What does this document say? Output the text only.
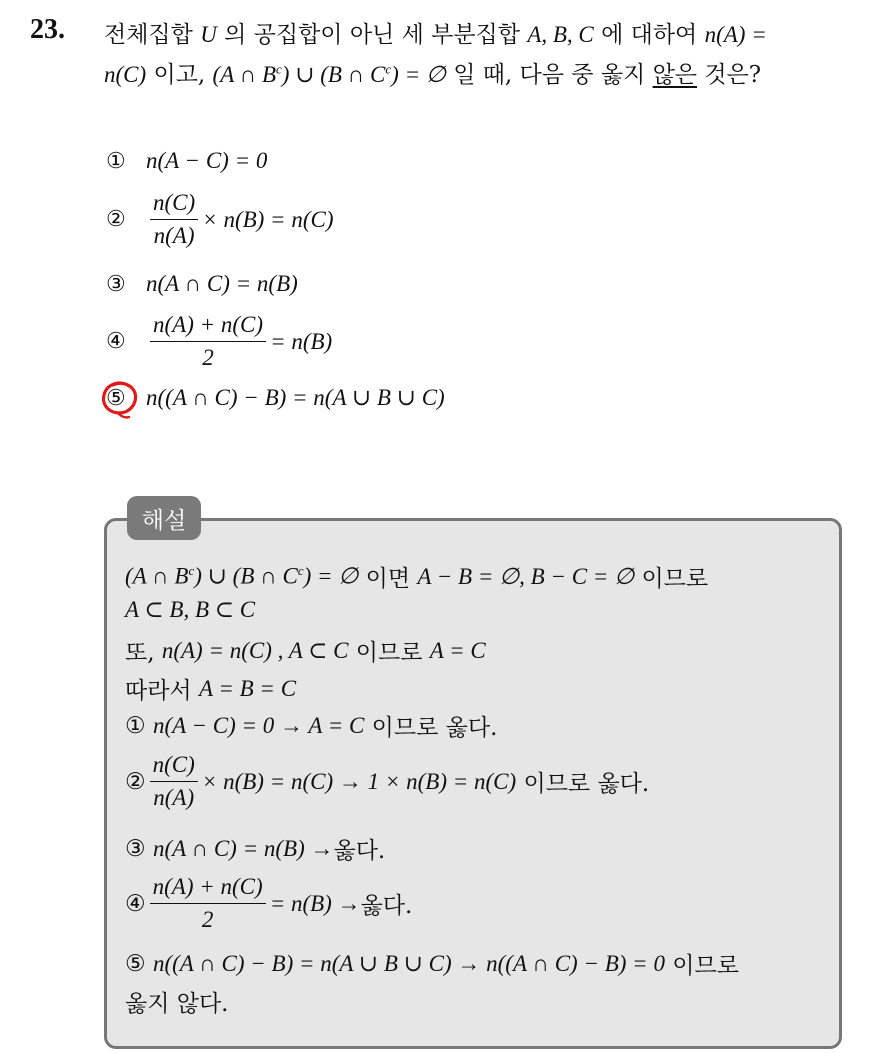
23. 전체집합 U 의 공집합이 아닌 세 부분집합 A, B, C 에 대하여 n(A) =
n(C) 이고, (A ∩ $B^c$) ∪ (B ∩ $C^c$) = ∅ 일 때, 다음 중 옳지 않은 것은?
① n(A − C) = 0
②	$\frac{n(C)}{n(A)} \times n(B) = n(C)$
③ n(A ∩ C) = n(B)
④	$\frac{n(A) + n(C)}{2} = n(B)$
⑤ n((A ∩ C) − B) = n(A ∪ B ∪ C)
해설
(A ∩ $B^c$) ∪ (B ∩ $C^c$) = ∅
이면
A − B = ∅, B − C = ∅
이므로
A ⊂ B, B ⊂ C
또,
n(A) = n(C) , A ⊂ C
이므로
A = C
따라서
A = B = C
①
n(A − C) = 0 → A = C
이므로 옳다.
② $\frac{n(C)}{n(A)} \times n(B) = n(C) \to 1 \times n(B) = n(C)$
이므로 옳다.
③
n(A ∩ C) = n(B) → 옳다.
④ $\frac{n(A) + n(C)}{2} = n(B)$ → 옳다.
⑤
n((A ∩ C) − B) = n(A ∪ B ∪ C) → n((A ∩ C) − B) = 0
이므로
옳지 않다.
